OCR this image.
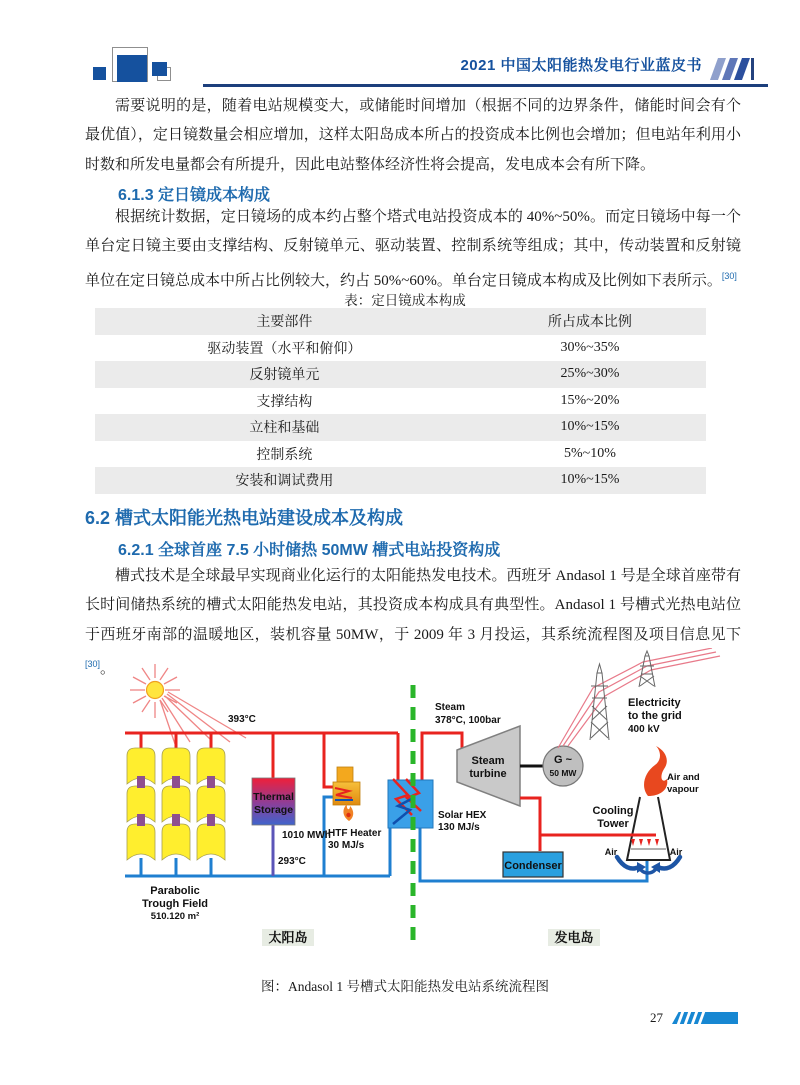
2021 中国太阳能热发电行业蓝皮书

需要说明的是，随着电站规模变大，或储能时间增加（根据不同的边界条件，储能时间会有个最优值），定日镜数量会相应增加，这样太阳岛成本所占的投资成本比例也会增加；但电站年利用小时数和所发电量都会有所提升，因此电站整体经济性将会提高，发电成本会有所下降。

6.1.3 定日镜成本构成

根据统计数据，定日镜场的成本约占整个塔式电站投资成本的 40%~50%。而定日镜场中每一个单台定日镜主要由支撑结构、反射镜单元、驱动装置、控制系统等组成；其中，传动装置和反射镜单位在定日镜总成本中所占比例较大，约占 50%~60%。单台定日镜成本构成及比例如下表所示。[30]

表：定日镜成本构成
主要部件	所占成本比例
驱动装置（水平和俯仰）	30%~35%
反射镜单元	25%~30%
支撑结构	15%~20%
立柱和基础	10%~15%
控制系统	5%~10%
安装和调试费用	10%~15%
6.2 槽式太阳能光热电站建设成本及构成
6.2.1 全球首座 7.5 小时储热 50MW 槽式电站投资构成

槽式技术是全球最早实现商业化运行的太阳能热发电技术。西班牙 Andasol 1 号是全球首座带有长时间储热系统的槽式太阳能热发电站，其投资成本构成具有典型性。Andasol 1 号槽式光热电站位于西班牙南部的温暖地区，装机容量 50MW，于 2009 年 3 月投运，其系统流程图及项目信息见下 [30]。

Thermal
Storage
1010 MWh
HTF Heater
30 MJ/s
Solar HEX
130 MJ/s
Steam
turbine
Steam
378°C, 100bar
G ~
50 MW
Electricity
to the grid
400 kV
Cooling
Tower
Air and
vapour
Air	Air
Condenser
393°C
293°C
Parabolic
Trough Field
510.120 m²
太阳岛	发电岛
图：Andasol 1 号槽式太阳能热发电站系统流程图
27
